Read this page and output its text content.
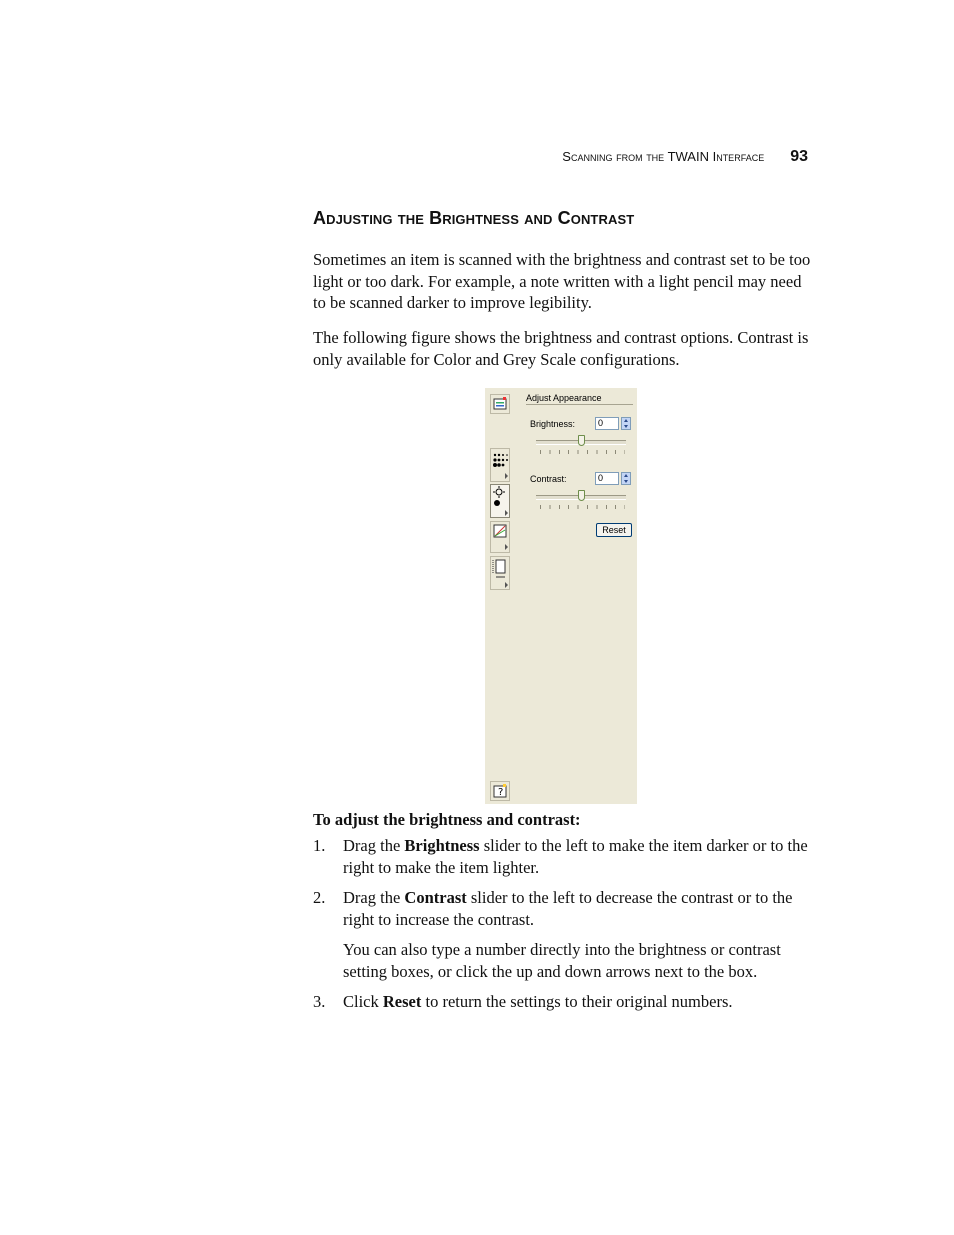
Scanning from the TWAIN Interface 93
Adjusting the Brightness and Contrast

Sometimes an item is scanned with the brightness and contrast set to be too light or too dark. For example, a note written with a light pencil may need to be scanned darker to improve legibility.

The following figure shows the brightness and contrast options. Contrast is only available for Color and Grey Scale configurations.

?
Adjust Appearance
Brightness:	0
Contrast:	0
Reset

To adjust the brightness and contrast:

1. Drag the Brightness slider to the left to make the item darker or to the right to make the item lighter.
2. Drag the Contrast slider to the left to decrease the contrast or to the right to increase the contrast.
You can also type a number directly into the brightness or contrast setting boxes, or click the up and down arrows next to the box.
3. Click Reset to return the settings to their original numbers.
